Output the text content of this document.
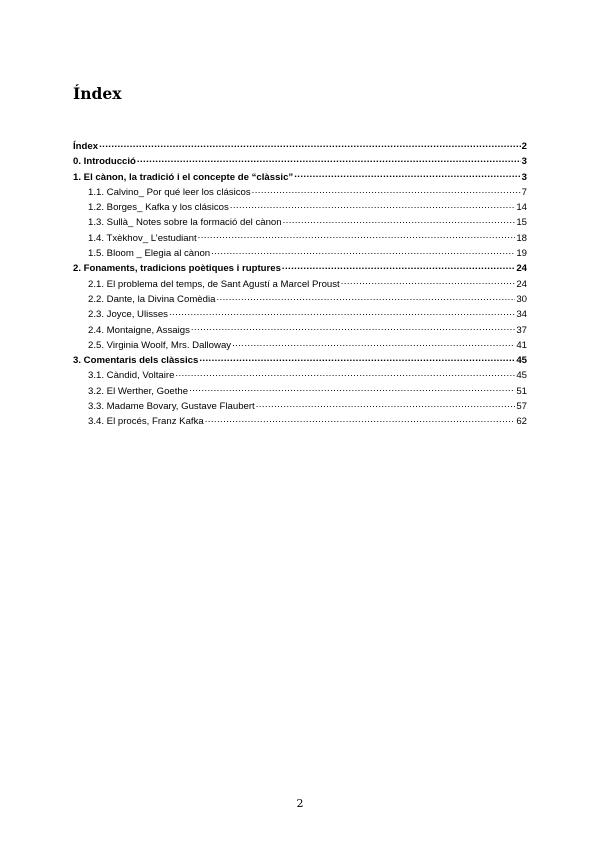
Índex
Índex .....	2
0. Introducció .....	3
1. El cànon, la tradició i el concepte de “clàssic” .....	3
1.1. Calvino_ Por qué leer los clásicos .....	7
1.2. Borges_ Kafka y los clásicos .....	14
1.3. Sullà_ Notes sobre la formació del cànon .....	15
1.4. Txèkhov_ L’estudiant .....	18
1.5. Bloom _ Elegia al cànon .....	19
2. Fonaments, tradicions poètiques i ruptures .....	24
2.1. El problema del temps, de Sant Agustí a Marcel Proust .....	24
2.2. Dante, la Divina Comèdia .....	30
2.3. Joyce, Ulisses .....	34
2.4. Montaigne, Assaigs .....	37
2.5. Virginia Woolf, Mrs. Dalloway .....	41
3. Comentaris dels clàssics .....	45
3.1. Càndid, Voltaire .....	45
3.2. El Werther, Goethe .....	51
3.3. Madame Bovary, Gustave Flaubert .....	57
3.4. El procés, Franz Kafka .....	62
2
